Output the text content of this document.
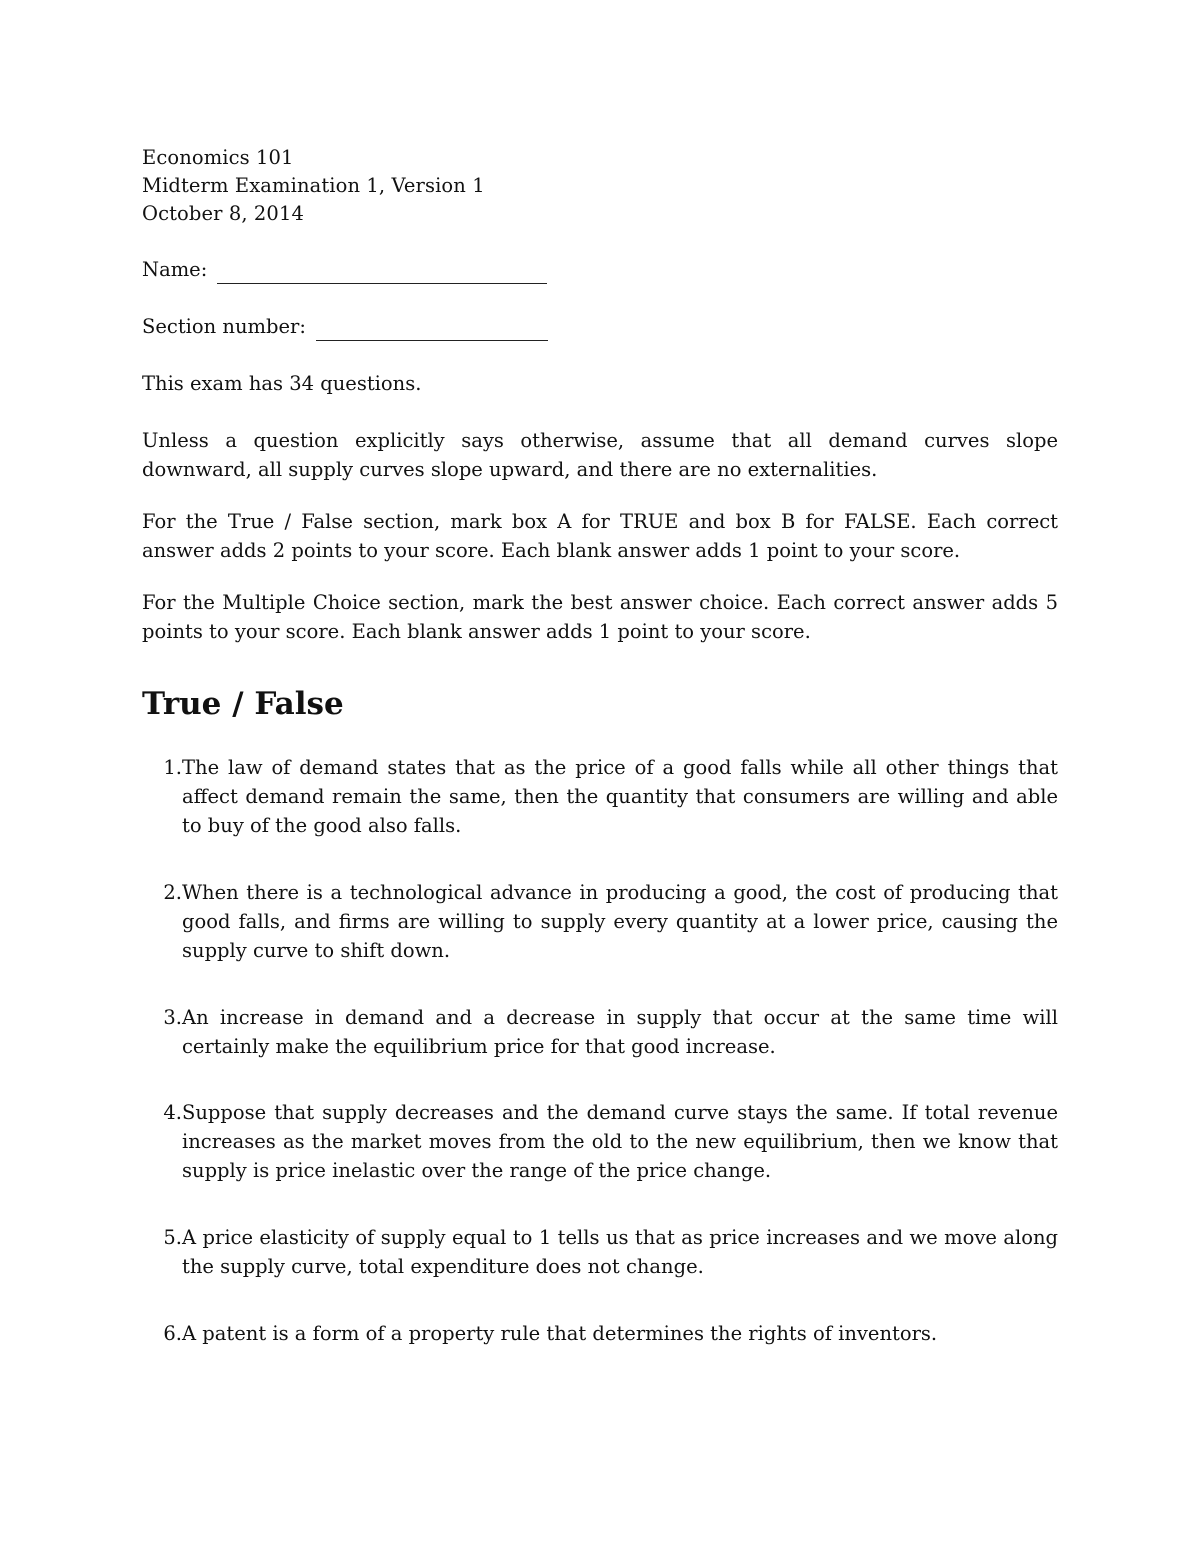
Economics 101
Midterm Examination 1, Version 1
October 8, 2014
Name:
Section number:
This exam has 34 questions.
Unless a question explicitly says otherwise, assume that all demand curves slope downward, all supply curves slope upward, and there are no externalities.
For the True / False section, mark box A for TRUE and box B for FALSE. Each correct answer adds 2 points to your score. Each blank answer adds 1 point to your score.
For the Multiple Choice section, mark the best answer choice. Each correct answer adds 5 points to your score. Each blank answer adds 1 point to your score.
True / False
1. The law of demand states that as the price of a good falls while all other things that affect demand remain the same, then the quantity that consumers are willing and able to buy of the good also falls.
2. When there is a technological advance in producing a good, the cost of producing that good falls, and firms are willing to supply every quantity at a lower price, causing the supply curve to shift down.
3. An increase in demand and a decrease in supply that occur at the same time will certainly make the equilibrium price for that good increase.
4. Suppose that supply decreases and the demand curve stays the same. If total revenue increases as the market moves from the old to the new equilibrium, then we know that supply is price inelastic over the range of the price change.
5. A price elasticity of supply equal to 1 tells us that as price increases and we move along the supply curve, total expenditure does not change.
6. A patent is a form of a property rule that determines the rights of inventors.
